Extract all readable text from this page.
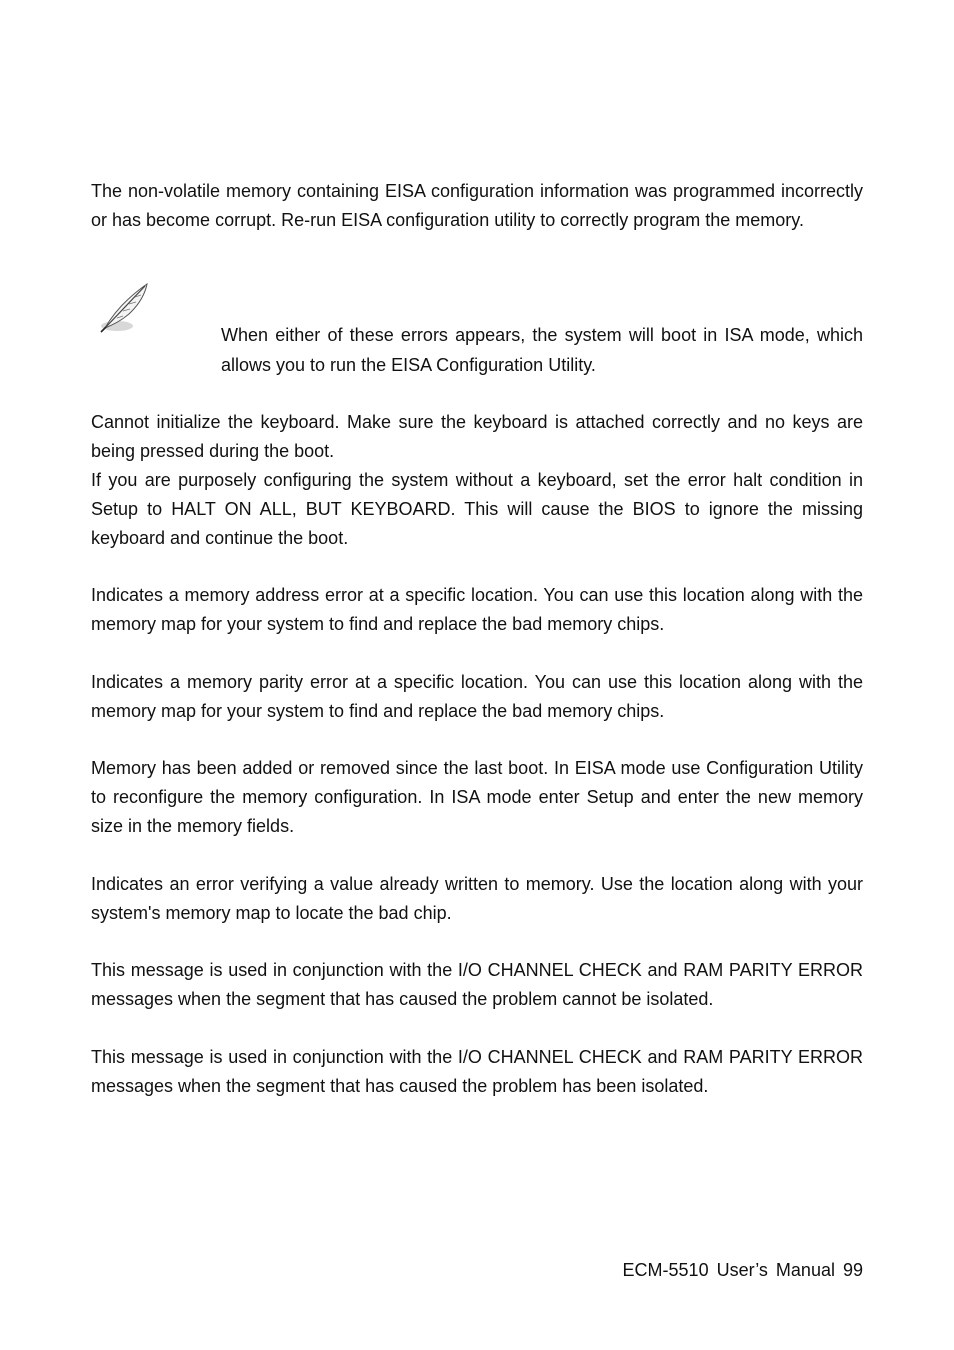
The non-volatile memory containing EISA configuration information was programmed incorrectly or has become corrupt. Re-run EISA configuration utility to correctly program the memory.

When either of these errors appears, the system will boot in ISA mode, which allows you to run the EISA Configuration Utility.

Cannot initialize the keyboard. Make sure the keyboard is attached correctly and no keys are being pressed during the boot.

If you are purposely configuring the system without a keyboard, set the error halt condition in Setup to HALT ON ALL, BUT KEYBOARD. This will cause the BIOS to ignore the missing keyboard and continue the boot.

Indicates a memory address error at a specific location. You can use this location along with the memory map for your system to find and replace the bad memory chips.

Indicates a memory parity error at a specific location. You can use this location along with the memory map for your system to find and replace the bad memory chips.

Memory has been added or removed since the last boot. In EISA mode use Configuration Utility to reconfigure the memory configuration. In ISA mode enter Setup and enter the new memory size in the memory fields.

Indicates an error verifying a value already written to memory. Use the location along with your system's memory map to locate the bad chip.

This message is used in conjunction with the I/O CHANNEL CHECK and RAM PARITY ERROR messages when the segment that has caused the problem cannot be isolated.

This message is used in conjunction with the I/O CHANNEL CHECK and RAM PARITY ERROR messages when the segment that has caused the problem has been isolated.

ECM-5510 User’s Manual 99
